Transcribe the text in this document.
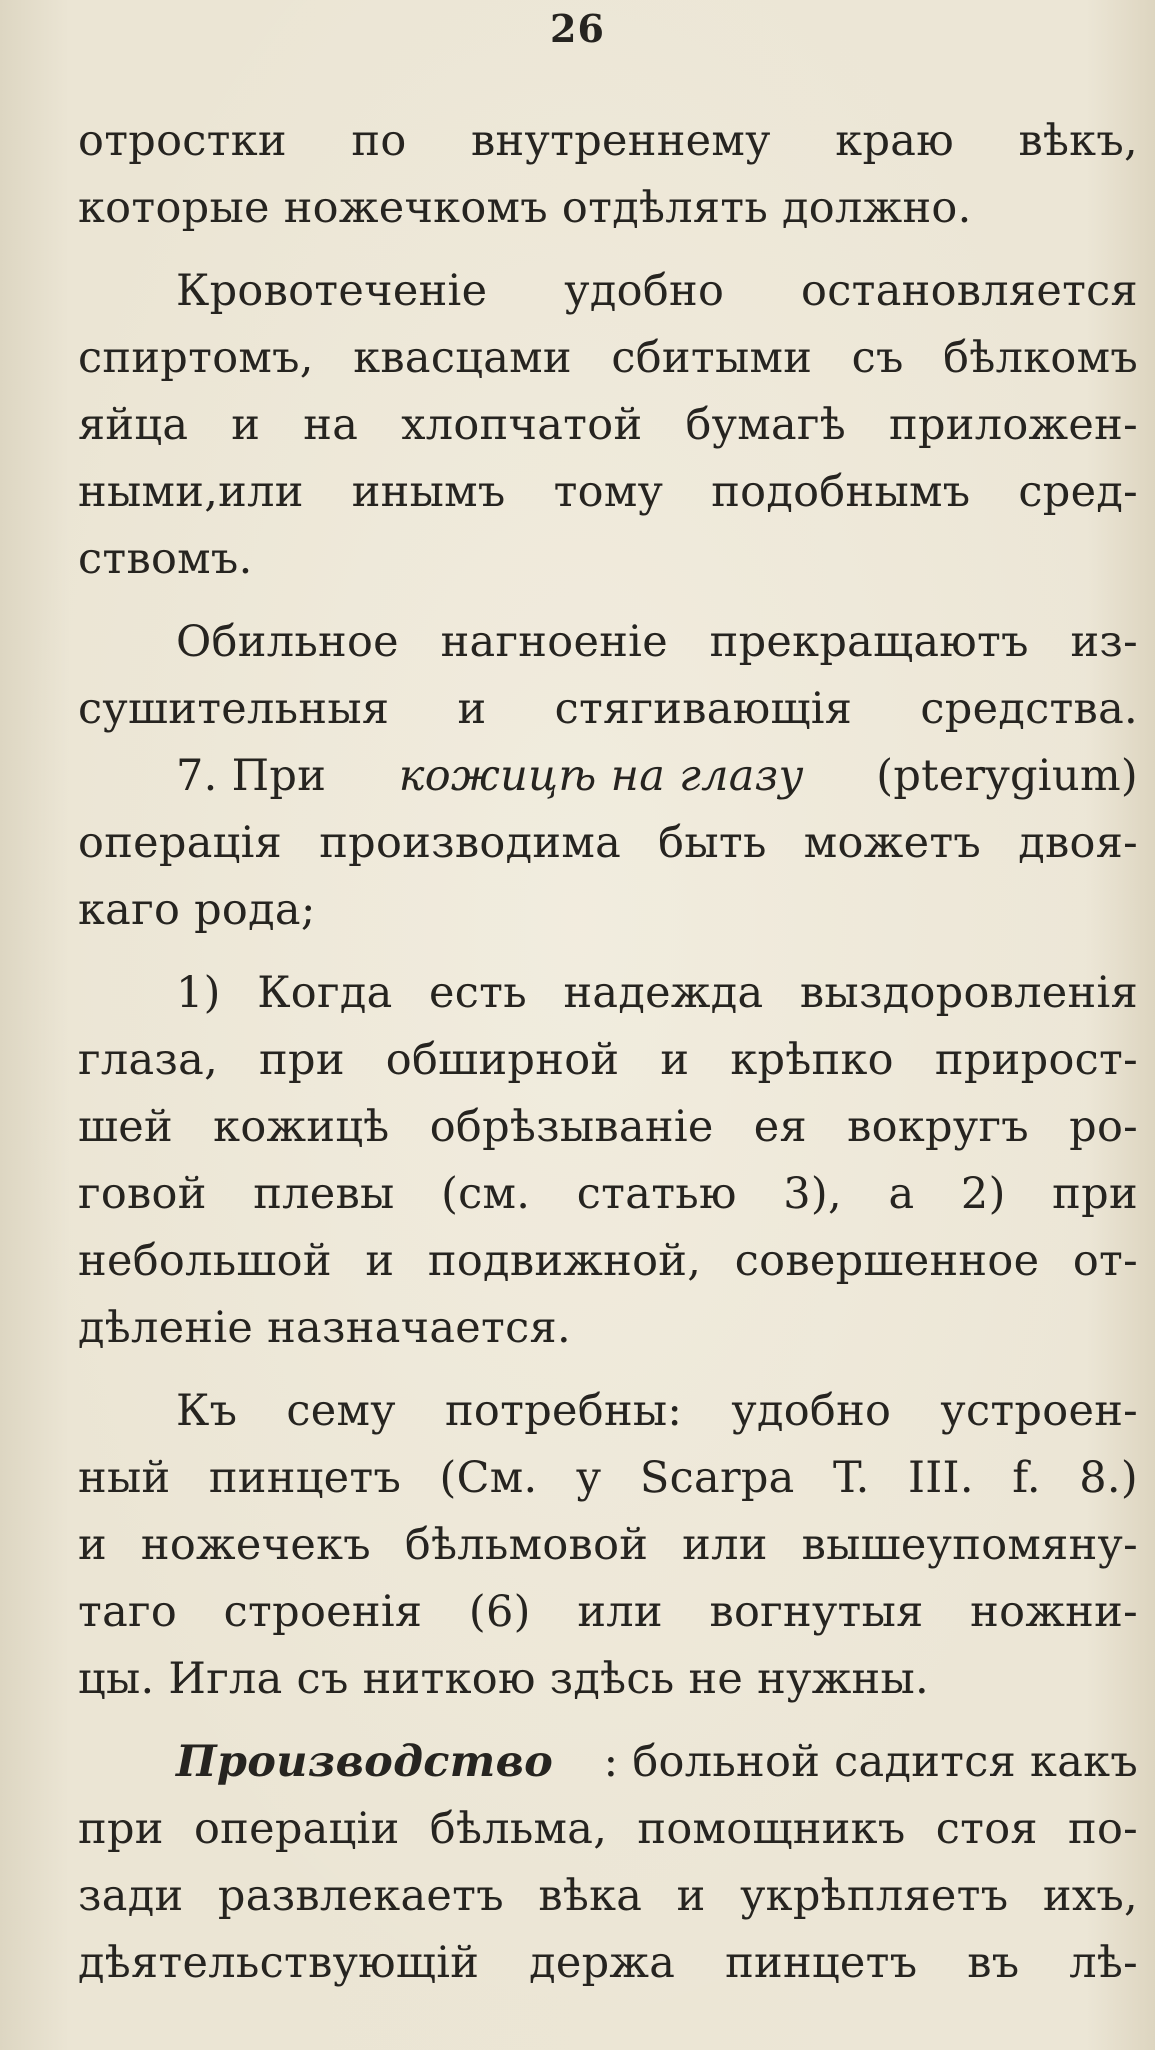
26
отростки по внутреннему краю вѣкъ,
которые ножечкомъ отдѣлять должно.
Кровотеченіе удобно остановляется
спиртомъ, квасцами сбитыми съ бѣлкомъ
яйца и на хлопчатой бумагѣ приложен-
ными,или инымъ тому подобнымъ сред-
ствомъ.
Обильное нагноеніе прекращаютъ из-
сушительныя и стягивающія средства.
7. При кожицѣ на глазу (pterygium)
операція производима быть можетъ двоя-
каго рода;
1) Когда есть надежда выздоровленія
глаза, при обширной и крѣпко прирост-
шей кожицѣ обрѣзываніе ея вокругъ ро-
говой плевы (см. статью 3), а 2) при
небольшой и подвижной, совершенное от-
дѣленіе назначается.
Къ сему потребны: удобно устроен-
ный пинцетъ (См. у Scarpa T. III. f. 8.)
и ножечекъ бѣльмовой или вышеупомяну-
таго строенія (6) или вогнутыя ножни-
цы. Игла съ ниткою здѣсь не нужны.
Производство : больной садится какъ
при операціи бѣльма, помощникъ стоя по-
зади развлекаетъ вѣка и укрѣпляетъ ихъ,
дѣятельствующій держа пинцетъ въ лѣ-
